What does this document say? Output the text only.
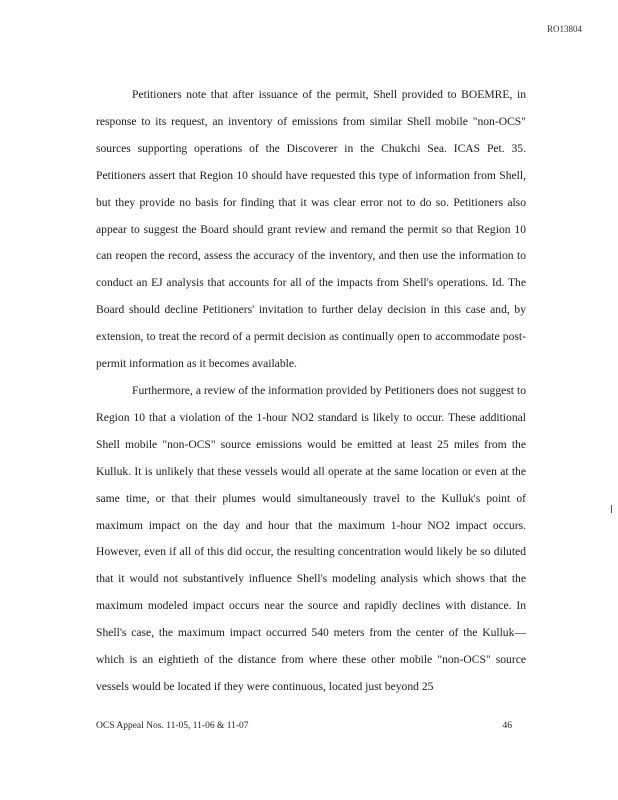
RO13804

Petitioners note that after issuance of the permit, Shell provided to BOEMRE, in response to its request, an inventory of emissions from similar Shell mobile "non-OCS" sources supporting operations of the Discoverer in the Chukchi Sea. ICAS Pet. 35. Petitioners assert that Region 10 should have requested this type of information from Shell, but they provide no basis for finding that it was clear error not to do so. Petitioners also appear to suggest the Board should grant review and remand the permit so that Region 10 can reopen the record, assess the accuracy of the inventory, and then use the information to conduct an EJ analysis that accounts for all of the impacts from Shell's operations. Id. The Board should decline Petitioners' invitation to further delay decision in this case and, by extension, to treat the record of a permit decision as continually open to accommodate post-permit information as it becomes available.

Furthermore, a review of the information provided by Petitioners does not suggest to Region 10 that a violation of the 1-hour NO2 standard is likely to occur. These additional Shell mobile "non-OCS" source emissions would be emitted at least 25 miles from the Kulluk. It is unlikely that these vessels would all operate at the same location or even at the same time, or that their plumes would simultaneously travel to the Kulluk's point of maximum impact on the day and hour that the maximum 1-hour NO2 impact occurs. However, even if all of this did occur, the resulting concentration would likely be so diluted that it would not substantively influence Shell's modeling analysis which shows that the maximum modeled impact occurs near the source and rapidly declines with distance. In Shell's case, the maximum impact occurred 540 meters from the center of the Kulluk—which is an eightieth of the distance from where these other mobile "non-OCS" source vessels would be located if they were continuous, located just beyond 25

OCS Appeal Nos. 11-05, 11-06 & 11-07	46
